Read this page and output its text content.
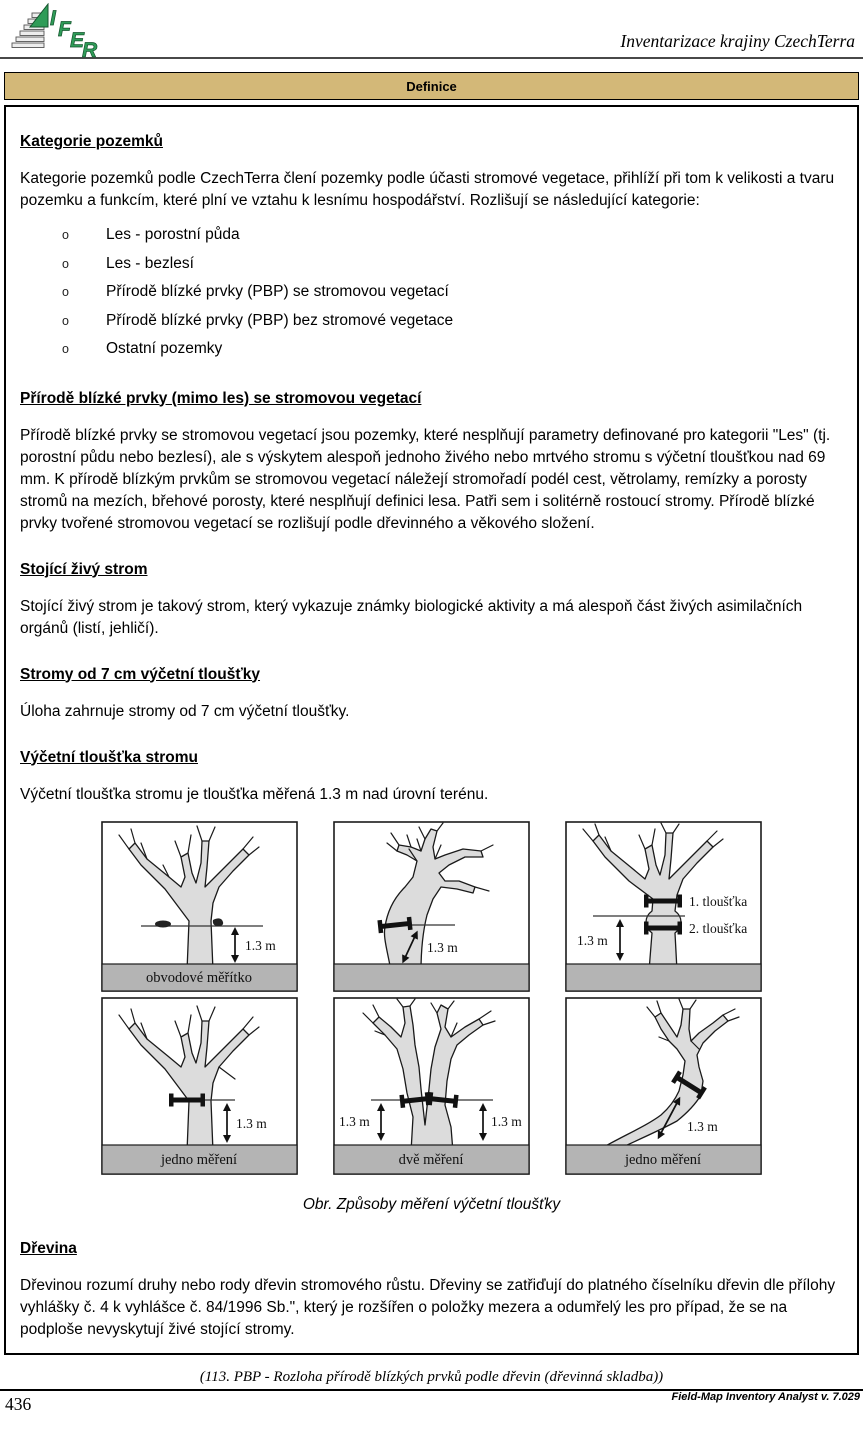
I F E
R	Inventarizace krajiny CzechTerra
Definice
Kategorie pozemků

Kategorie pozemků podle CzechTerra člení pozemky podle účasti stromové vegetace, přihlíží při tom k velikosti a tvaru pozemku a funkcím, které plní ve vztahu k lesnímu hospodářství. Rozlišují se následující kategorie:

o	Les - porostní půda
o	Les - bezlesí
o	Přírodě blízké prvky (PBP) se stromovou vegetací
o	Přírodě blízké prvky (PBP) bez stromové vegetace
o	Ostatní pozemky
Přírodě blízké prvky (mimo les) se stromovou vegetací

Přírodě blízké prvky se stromovou vegetací jsou pozemky, které nesplňují parametry definované pro kategorii "Les" (tj. porostní půdu nebo bezlesí), ale s výskytem alespoň jednoho živého nebo mrtvého stromu s výčetní tloušťkou nad 69 mm. K přírodě blízkým prvkům se stromovou vegetací náležejí stromořadí podél cest, větrolamy, remízky a porosty stromů na mezích, břehové porosty, které nesplňují definici lesa. Patři sem i solitérně rostoucí stromy. Přírodě blízké prvky tvořené stromovou vegetací se rozlišují podle dřevinného a věkového složení.

Stojící živý strom

Stojící živý strom je takový strom, který vykazuje známky biologické aktivity a má alespoň část živých asimilačních orgánů (listí, jehličí).

Stromy od 7 cm výčetní tloušťky

Úloha zahrnuje stromy od 7 cm výčetní tloušťky.

Výčetní tloušťka stromu

Výčetní tloušťka stromu je tloušťka měřená 1.3 m nad úrovní terénu.

1.3 m
obvodové měřítko
1.3 m
1. tloušťka
2. tloušťka
1.3 m
1.3 m
jedno měření
1.3 m	1.3 m
dvě měření
1.3 m
jedno měření
Obr. Způsoby měření výčetní tloušťky
Dřevina

Dřevinou rozumí druhy nebo rody dřevin stromového růstu. Dřeviny se zatřiďují do platného číselníku dřevin dle přílohy vyhlášky č. 4 k vyhlášce č. 84/1996 Sb.", který je rozšířen o položky mezera a odumřelý les pro případ, že se na podploše nevyskytují živé stojící stromy.

(113. PBP - Rozloha přírodě blízkých prvků podle dřevin (dřevinná skladba))
436	Field-Map Inventory Analyst v. 7.029
